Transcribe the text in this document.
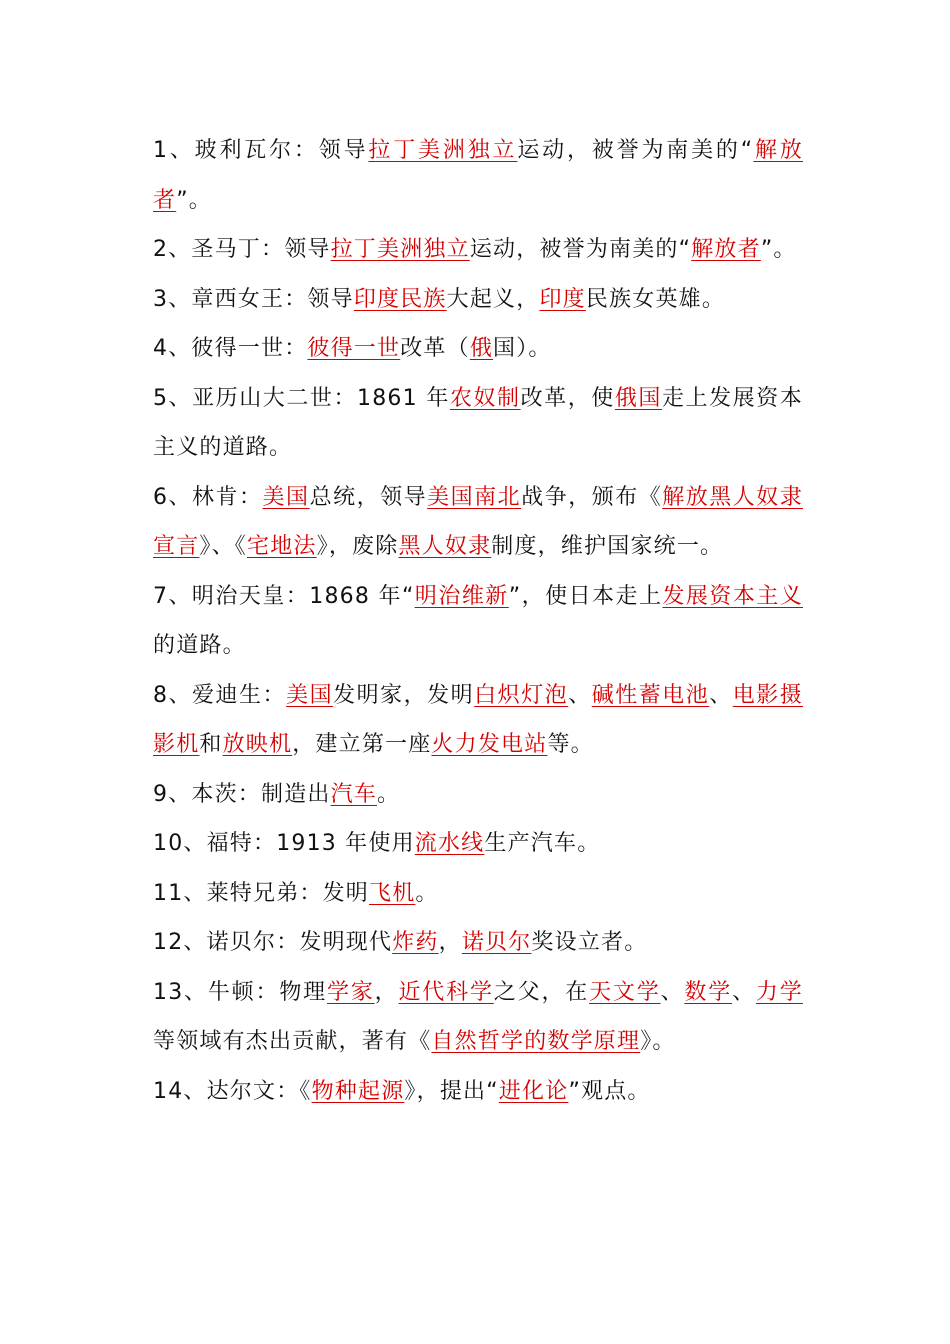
1、玻利瓦尔：领导拉丁美洲独立运动，被誉为南美的“解放者”。

2、圣马丁：领导拉丁美洲独立运动，被誉为南美的“解放者”。

3、章西女王：领导印度民族大起义，印度民族女英雄。

4、彼得一世：彼得一世改革（俄国）。

5、亚历山大二世：1861 年农奴制改革，使俄国走上发展资本主义的道路。

6、林肯：美国总统，领导美国南北战争，颁布《解放黑人奴隶宣言》、《宅地法》，废除黑人奴隶制度，维护国家统一。

7、明治天皇：1868 年“明治维新”，使日本走上发展资本主义的道路。

8、爱迪生：美国发明家，发明白炽灯泡、碱性蓄电池、电影摄影机和放映机，建立第一座火力发电站等。

9、本茨：制造出汽车。

10、福特：1913 年使用流水线生产汽车。

11、莱特兄弟：发明飞机。

12、诺贝尔：发明现代炸药，诺贝尔奖设立者。

13、牛顿：物理学家，近代科学之父，在天文学、数学、力学等领域有杰出贡献，著有《自然哲学的数学原理》。

14、达尔文：《物种起源》，提出“进化论”观点。
